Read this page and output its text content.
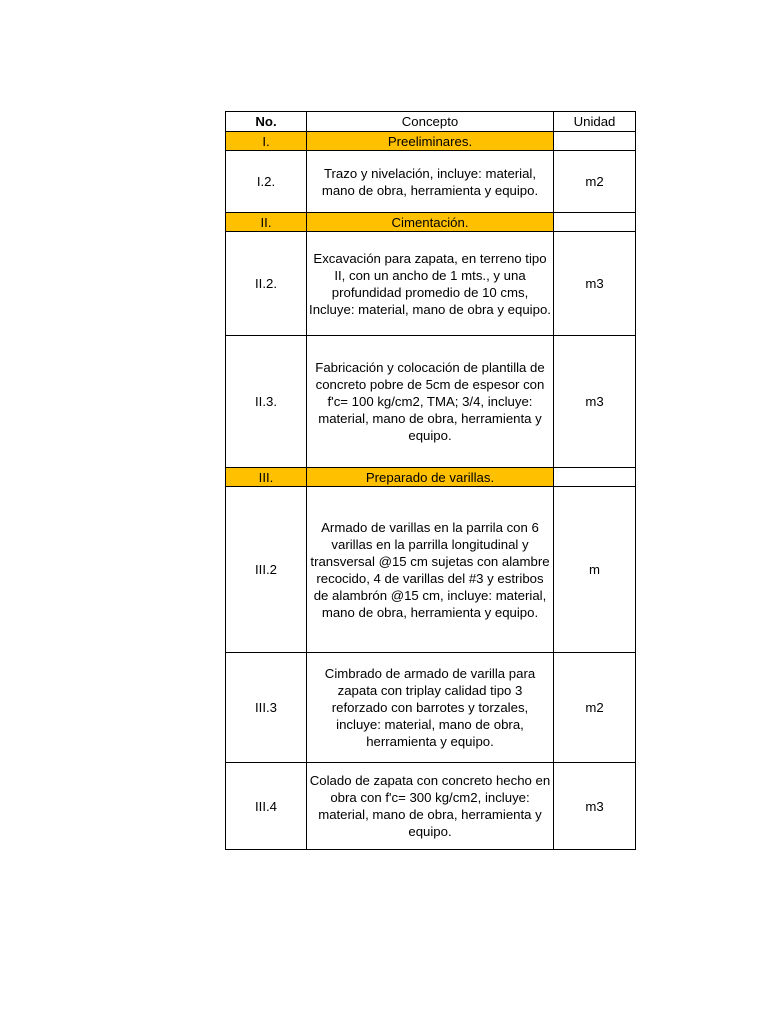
No.	Concepto	Unidad
I.	Preeliminares.	
I.2.	Trazo y nivelación, incluye: material, mano de obra, herramienta y equipo.	m2
II.	Cimentación.	
II.2.	Excavación para zapata, en terreno tipo II, con un ancho de 1 mts., y una profundidad promedio de 10 cms, Incluye: material, mano de obra y equipo.	m3
II.3.	Fabricación y colocación de plantilla de concreto pobre de 5cm de espesor con f'c= 100 kg/cm2, TMA; 3/4, incluye: material, mano de obra, herramienta y equipo.	m3
III.	Preparado de varillas.	
III.2	Armado de varillas en la parrila con 6 varillas en la parrilla longitudinal y transversal @15 cm sujetas con alambre recocido, 4 de varillas del #3 y estribos de alambrón @15 cm, incluye: material, mano de obra, herramienta y equipo.	m
III.3	Cimbrado de armado de varilla para zapata con triplay calidad tipo 3 reforzado con barrotes y torzales, incluye: material, mano de obra, herramienta y equipo.	m2
III.4	Colado de zapata con concreto hecho en obra con f'c= 300 kg/cm2, incluye: material, mano de obra, herramienta y equipo.	m3
